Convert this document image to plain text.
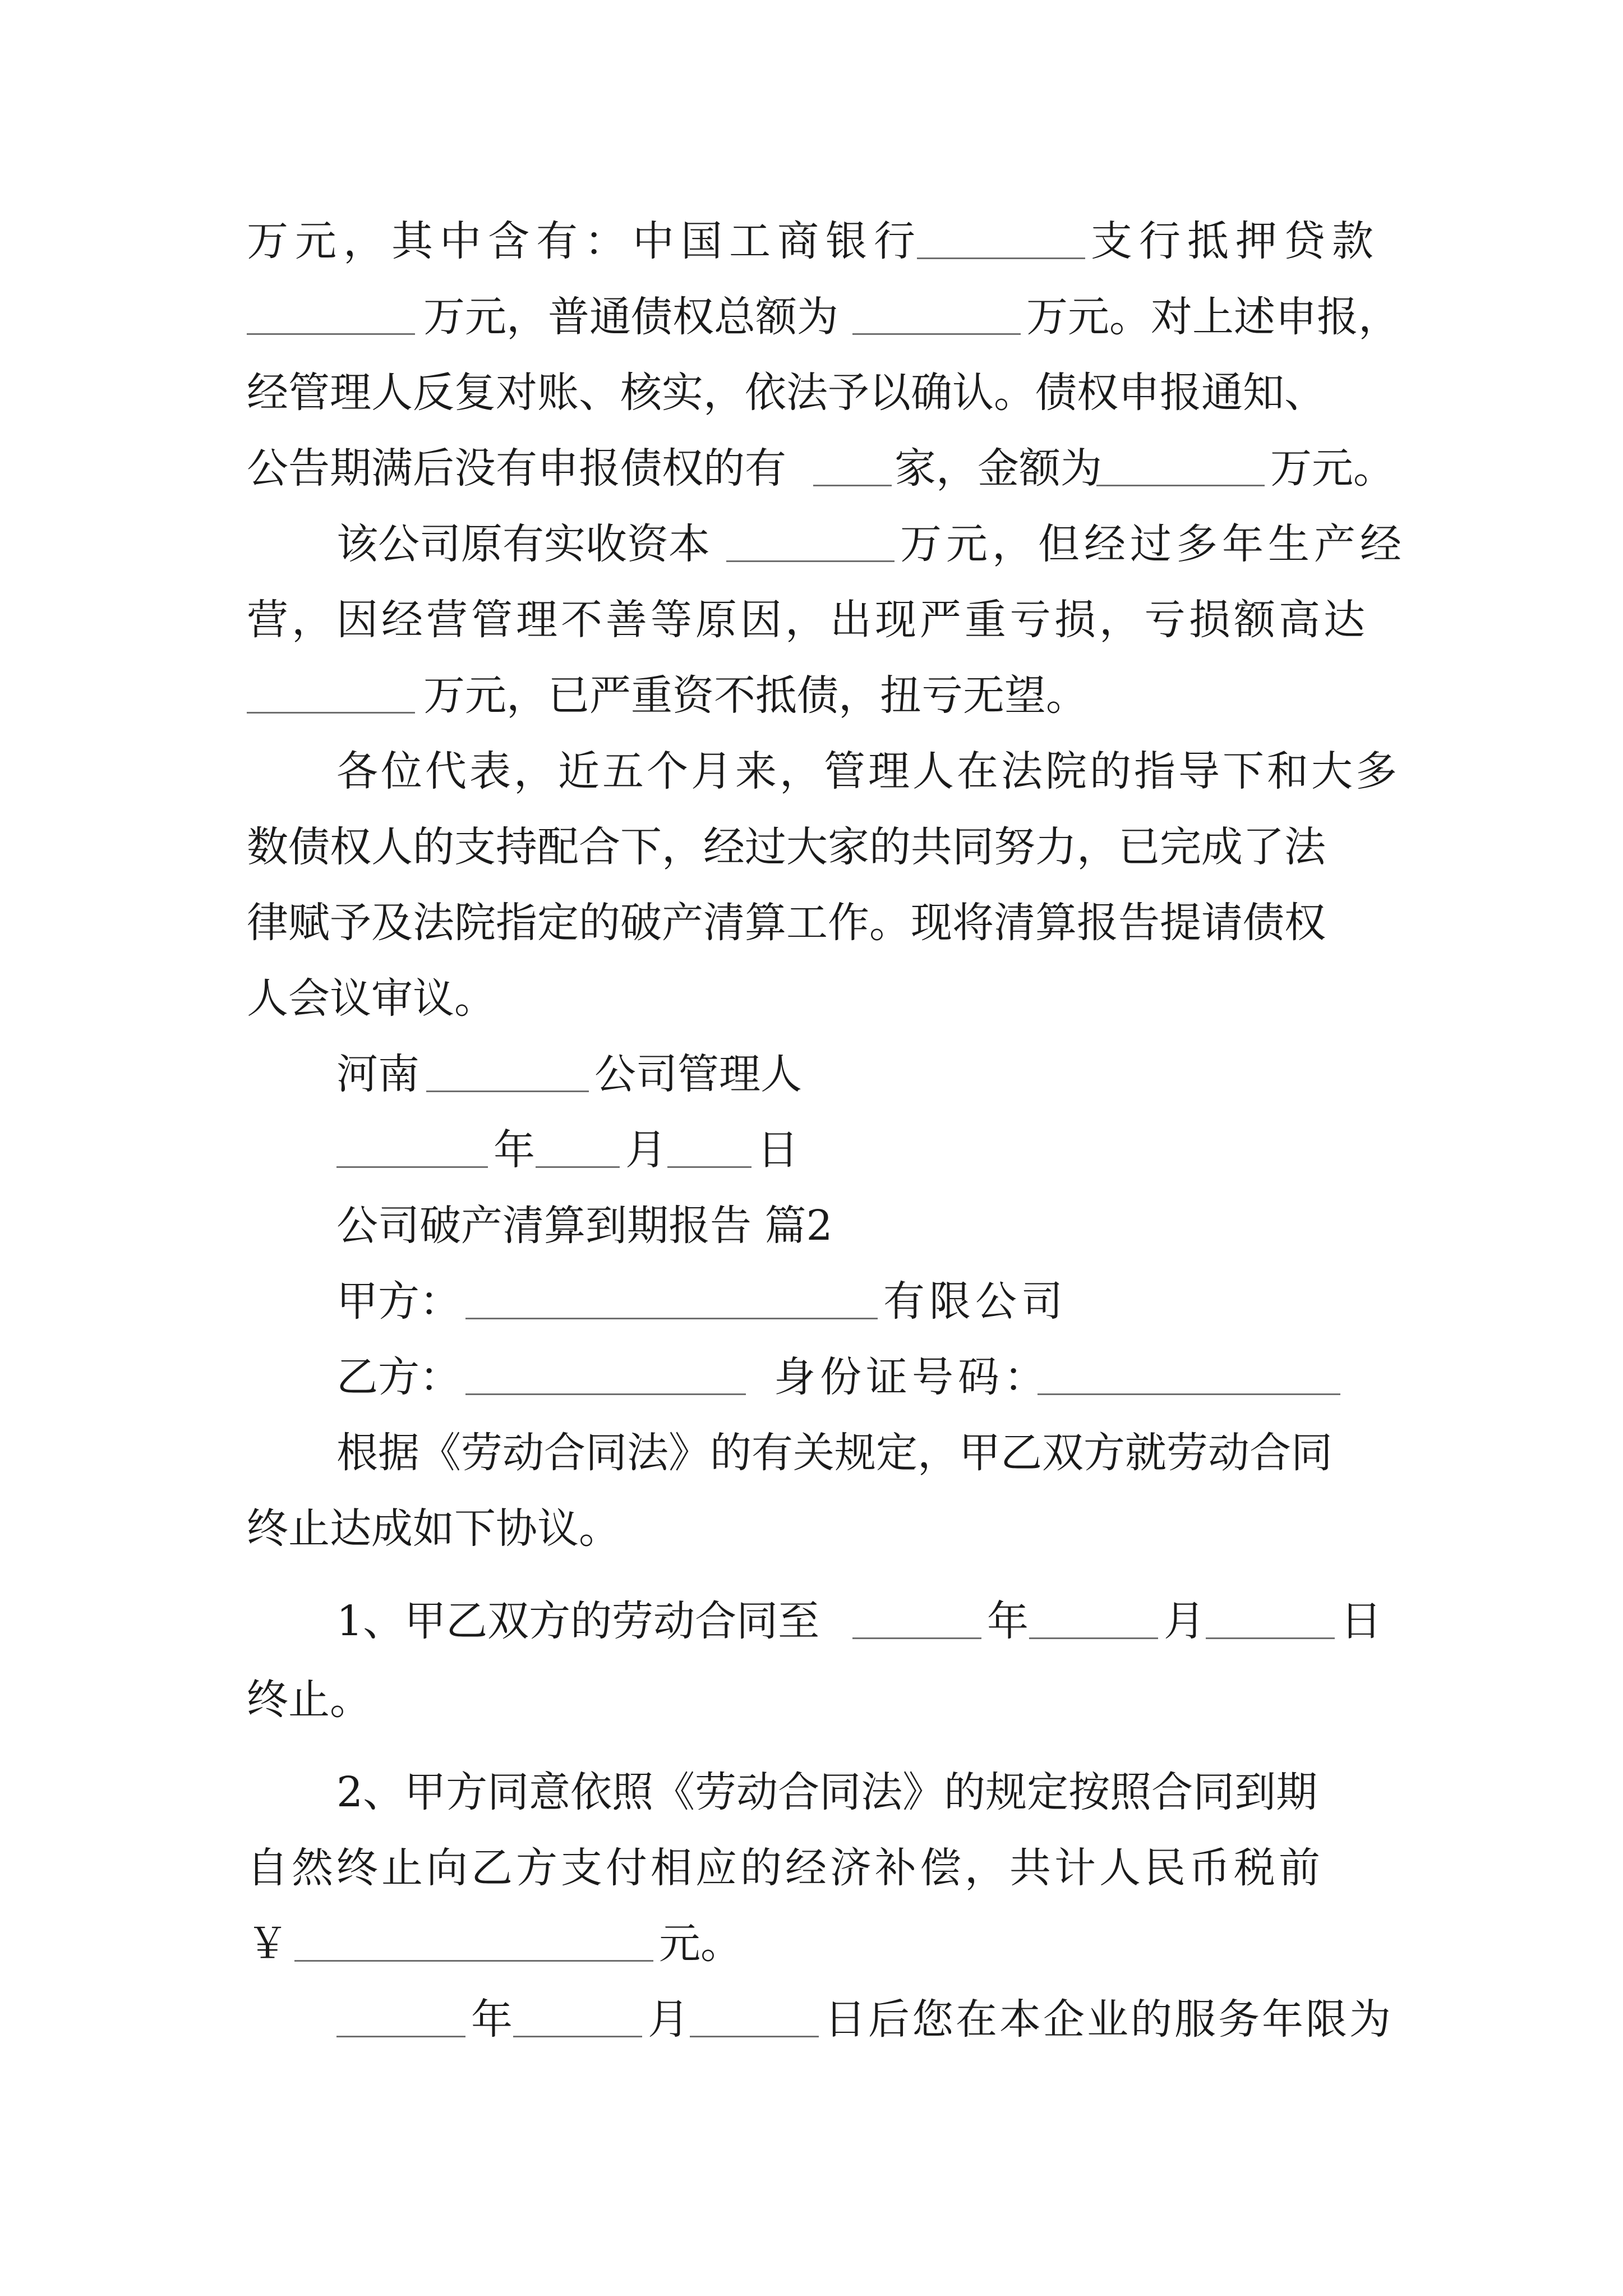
万元，其中含有：中国工商银行	支行抵押贷款
万元，普通债权总额为	万元。对上述申报，
经管理人反复对账、核实，依法予以确认。债权申报通知、
公告期满后没有申报债权的有	家，金额为	万元。
该公司原有实收资本	万元，但经过多年生产经
营，因经营管理不善等原因，出现严重亏损，亏损额高达
万元，已严重资不抵债，扭亏无望。
各位代表，近五个月来，管理人在法院的指导下和大多
数债权人的支持配合下，经过大家的共同努力，已完成了法
律赋予及法院指定的破产清算工作。现将清算报告提请债权
人会议审议。
河南	公司管理人
年 月 日
公司破产清算到期报告 篇2
甲方：	有限公司
乙方：	身份证号码：
根据《劳动合同法》的有关规定，甲乙双方就劳动合同
终止达成如下协议。
1、甲乙双方的劳动合同至	年	月	日
终止。
2、甲方同意依照《劳动合同法》的规定按照合同到期
自然终止向乙方支付相应的经济补偿，共计人民币税前
￥	元。
年	月	日后您在本企业的服务年限为
